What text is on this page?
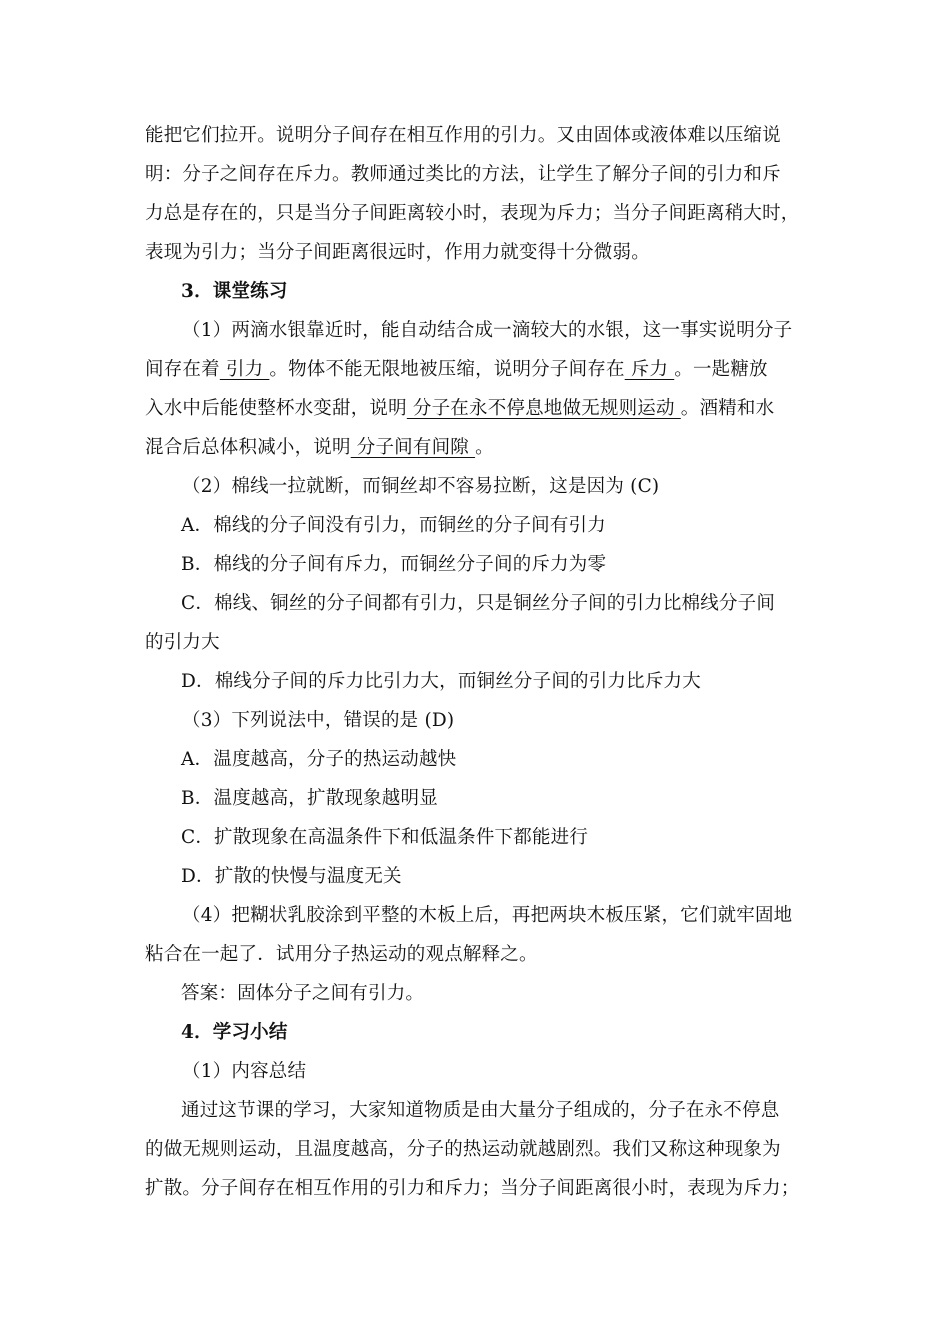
能把它们拉开。说明分子间存在相互作用的引力。又由固体或液体难以压缩说
明：分子之间存在斥力。教师通过类比的方法，让学生了解分子间的引力和斥
力总是存在的，只是当分子间距离较小时，表现为斥力；当分子间距离稍大时，
表现为引力；当分子间距离很远时，作用力就变得十分微弱。
3．课堂练习
（1）两滴水银靠近时，能自动结合成一滴较大的水银，这一事实说明分子
间存在着 引力 。物体不能无限地被压缩，说明分子间存在 斥力 。一匙糖放
入水中后能使整杯水变甜，说明 分子在永不停息地做无规则运动 。酒精和水
混合后总体积减小，说明 分子间有间隙 。
（2）棉线一拉就断，而铜丝却不容易拉断，这是因为 (C)
A．棉线的分子间没有引力，而铜丝的分子间有引力
B．棉线的分子间有斥力，而铜丝分子间的斥力为零
C．棉线、铜丝的分子间都有引力，只是铜丝分子间的引力比棉线分子间
的引力大
D．棉线分子间的斥力比引力大，而铜丝分子间的引力比斥力大
（3）下列说法中，错误的是 (D)
A．温度越高，分子的热运动越快
B．温度越高，扩散现象越明显
C．扩散现象在高温条件下和低温条件下都能进行
D．扩散的快慢与温度无关
（4）把糊状乳胶涂到平整的木板上后，再把两块木板压紧，它们就牢固地
粘合在一起了．试用分子热运动的观点解释之。
答案：固体分子之间有引力。
4．学习小结
（1）内容总结
通过这节课的学习，大家知道物质是由大量分子组成的，分子在永不停息
的做无规则运动，且温度越高，分子的热运动就越剧烈。我们又称这种现象为
扩散。分子间存在相互作用的引力和斥力；当分子间距离很小时，表现为斥力；
